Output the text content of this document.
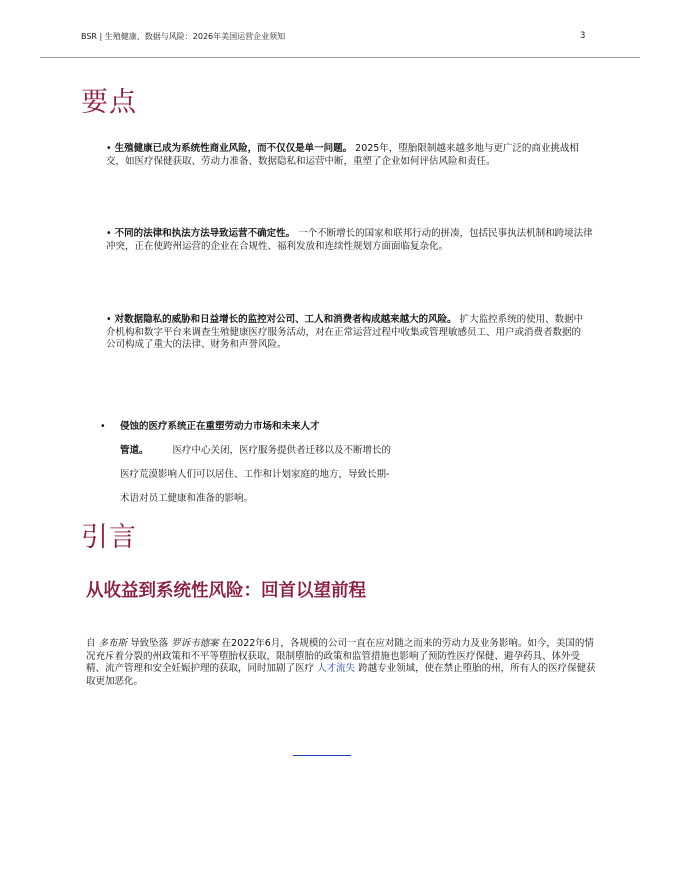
BSR | 生殖健康、数据与风险：2026年美国运营企业须知	3
要点
• 生殖健康已成为系统性商业风险，而不仅仅是单一问题。 2025年，堕胎限制越来越多地与更广泛的商业挑战相交，如医疗保健获取、劳动力准备、数据隐私和运营中断，重塑了企业如何评估风险和责任。
• 不同的法律和执法方法导致运营不确定性。 一个不断增长的国家和联邦行动的拼凑，包括民事执法机制和跨境法律冲突，正在使跨州运营的企业在合规性、福利发放和连续性规划方面面临复杂化。
• 对数据隐私的威胁和日益增长的监控对公司、工人和消费者构成越来越大的风险。 扩大监控系统的使用、数据中介机构和数字平台来调查生殖健康医疗服务活动，对在正常运营过程中收集或管理敏感员工、用户或消费者数据的公司构成了重大的法律、财务和声誉风险。
• 侵蚀的医疗系统正在重塑劳动力市场和未来人才
管道。	医疗中心关闭，医疗服务提供者迁移以及不断增长的
医疗荒漠影响人们可以居住、工作和计划家庭的地方，导致长期-
术语对员工健康和准备的影响。
引言
从收益到系统性风险：回首以望前程
自 多布斯 导致坠落 罗诉韦德案 在2022年6月，各规模的公司一直在应对随之而来的劳动力及业务影响。如今，美国的情况充斥着分裂的州政策和不平等堕胎权获取，限制堕胎的政策和监管措施也影响了预防性医疗保健、避孕药具、体外受精、流产管理和安全妊娠护理的获取，同时加剧了医疗 人才流失 跨越专业领域，使在禁止堕胎的州，所有人的医疗保健获取更加恶化。
